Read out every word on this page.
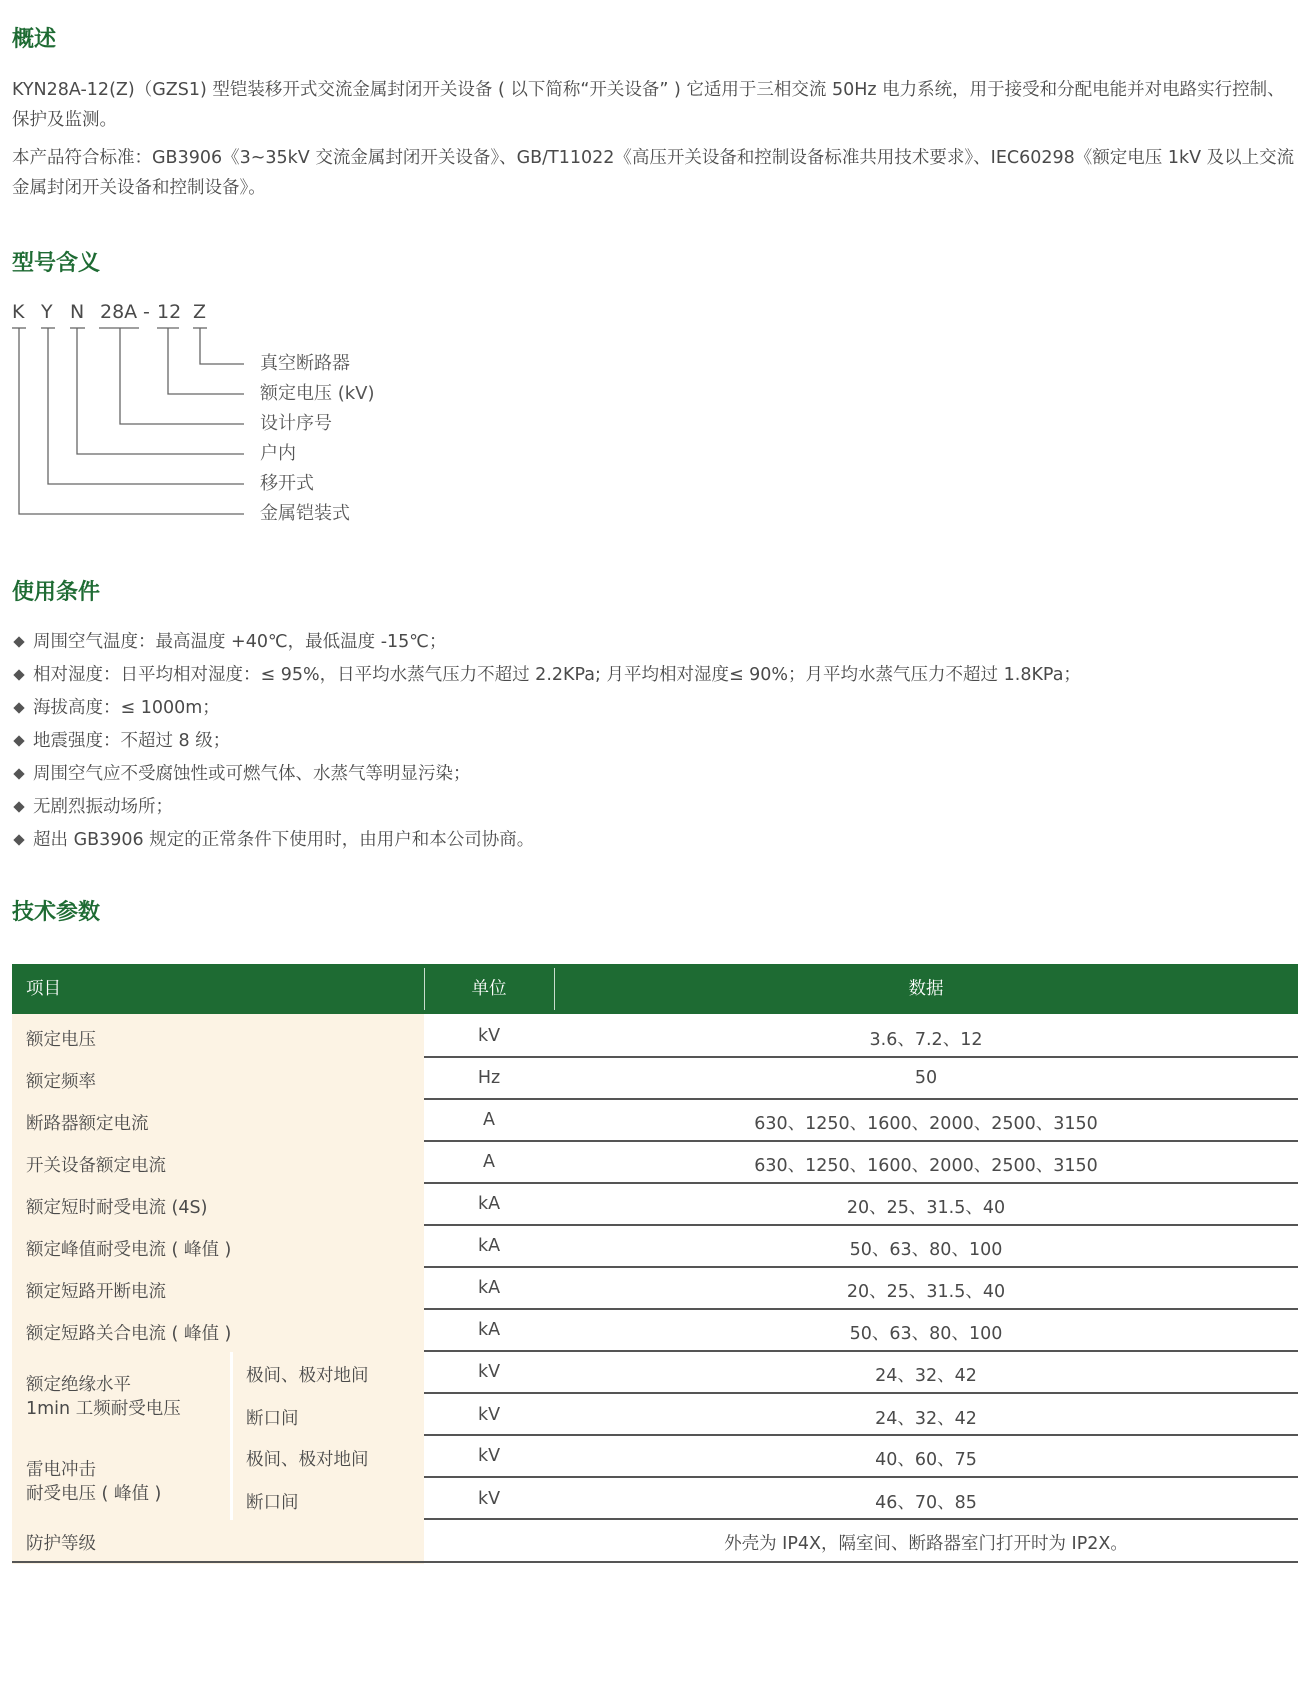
概述

KYN28A-12(Z)（GZS1) 型铠装移开式交流金属封闭开关设备 ( 以下简称“开关设备” ) 它适用于三相交流 50Hz 电力系统，用于接受和分配电能并对电路实行控制、保护及监测。

本产品符合标准：GB3906《3~35kV 交流金属封闭开关设备》、GB/T11022《高压开关设备和控制设备标准共用技术要求》、IEC60298《额定电压 1kV 及以上交流金属封闭开关设备和控制设备》。

型号含义
K Y N 28A - 12 Z
真空断路器
额定电压 (kV)
设计序号
户内
移开式
金属铠装式
使用条件
周围空气温度：最高温度 +40℃，最低温度 -15℃；
相对湿度：日平均相对湿度：≤ 95%，日平均水蒸气压力不超过 2.2KPa; 月平均相对湿度≤ 90%；月平均水蒸气压力不超过 1.8KPa；
海拔高度：≤ 1000m；
地震强度：不超过 8 级；
周围空气应不受腐蚀性或可燃气体、水蒸气等明显污染；
无剧烈振动场所；
超出 GB3906 规定的正常条件下使用时，由用户和本公司协商。
技术参数
项目	单位	数据
额定电压	kV	3.6、7.2、12
额定频率	Hz	50
断路器额定电流	A	630、1250、1600、2000、2500、3150
开关设备额定电流	A	630、1250、1600、2000、2500、3150
额定短时耐受电流 (4S)	kA	20、25、31.5、40
额定峰值耐受电流 ( 峰值 )	kA	50、63、80、100
额定短路开断电流	kA	20、25、31.5、40
额定短路关合电流 ( 峰值 )	kA	50、63、80、100
额定绝缘水平
1min 工频耐受电压
极间、极对地间	kV	24、32、42
断口间	kV	24、32、42
雷电冲击
耐受电压 ( 峰值 )
极间、极对地间	kV	40、60、75
断口间	kV	46、70、85
防护等级	外壳为 IP4X，隔室间、断路器室门打开时为 IP2X。
